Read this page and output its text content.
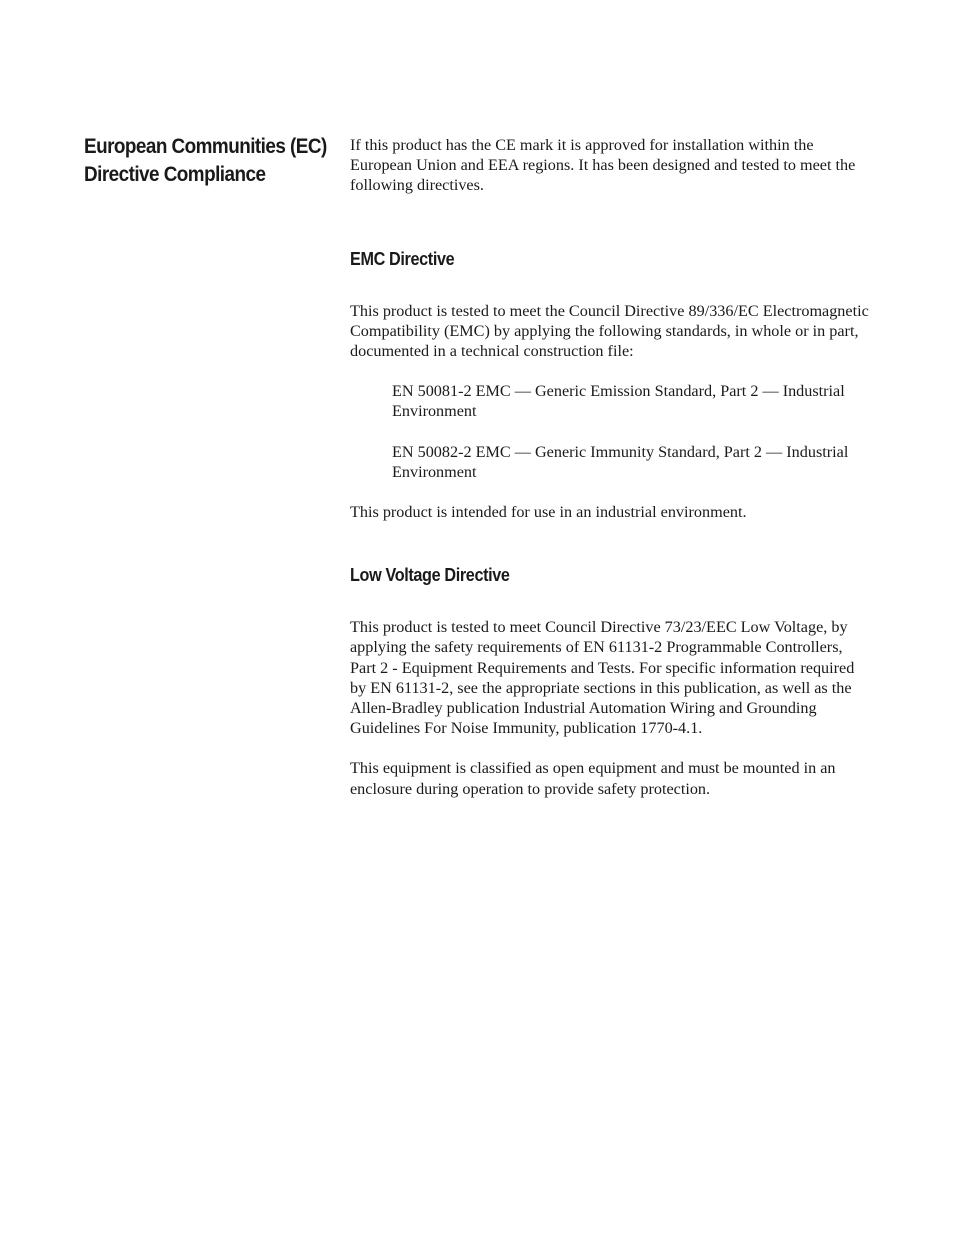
European Communities (EC)
Directive Compliance

If this product has the CE mark it is approved for installation within the European Union and EEA regions. It has been designed and tested to meet the following directives.

EMC Directive

This product is tested to meet the Council Directive 89/336/EC Electromagnetic Compatibility (EMC) by applying the following standards, in whole or in part, documented in a technical construction file:

EN 50081-2 EMC — Generic Emission Standard, Part 2 — Industrial Environment

EN 50082-2 EMC — Generic Immunity Standard, Part 2 — Industrial Environment

This product is intended for use in an industrial environment.

Low Voltage Directive

This product is tested to meet Council Directive 73/23/EEC Low Voltage, by applying the safety requirements of EN 61131-2 Programmable Controllers, Part 2 - Equipment Requirements and Tests. For specific information required by EN 61131-2, see the appropriate sections in this publication, as well as the Allen-Bradley publication Industrial Automation Wiring and Grounding Guidelines For Noise Immunity, publication 1770-4.1.

This equipment is classified as open equipment and must be mounted in an enclosure during operation to provide safety protection.
